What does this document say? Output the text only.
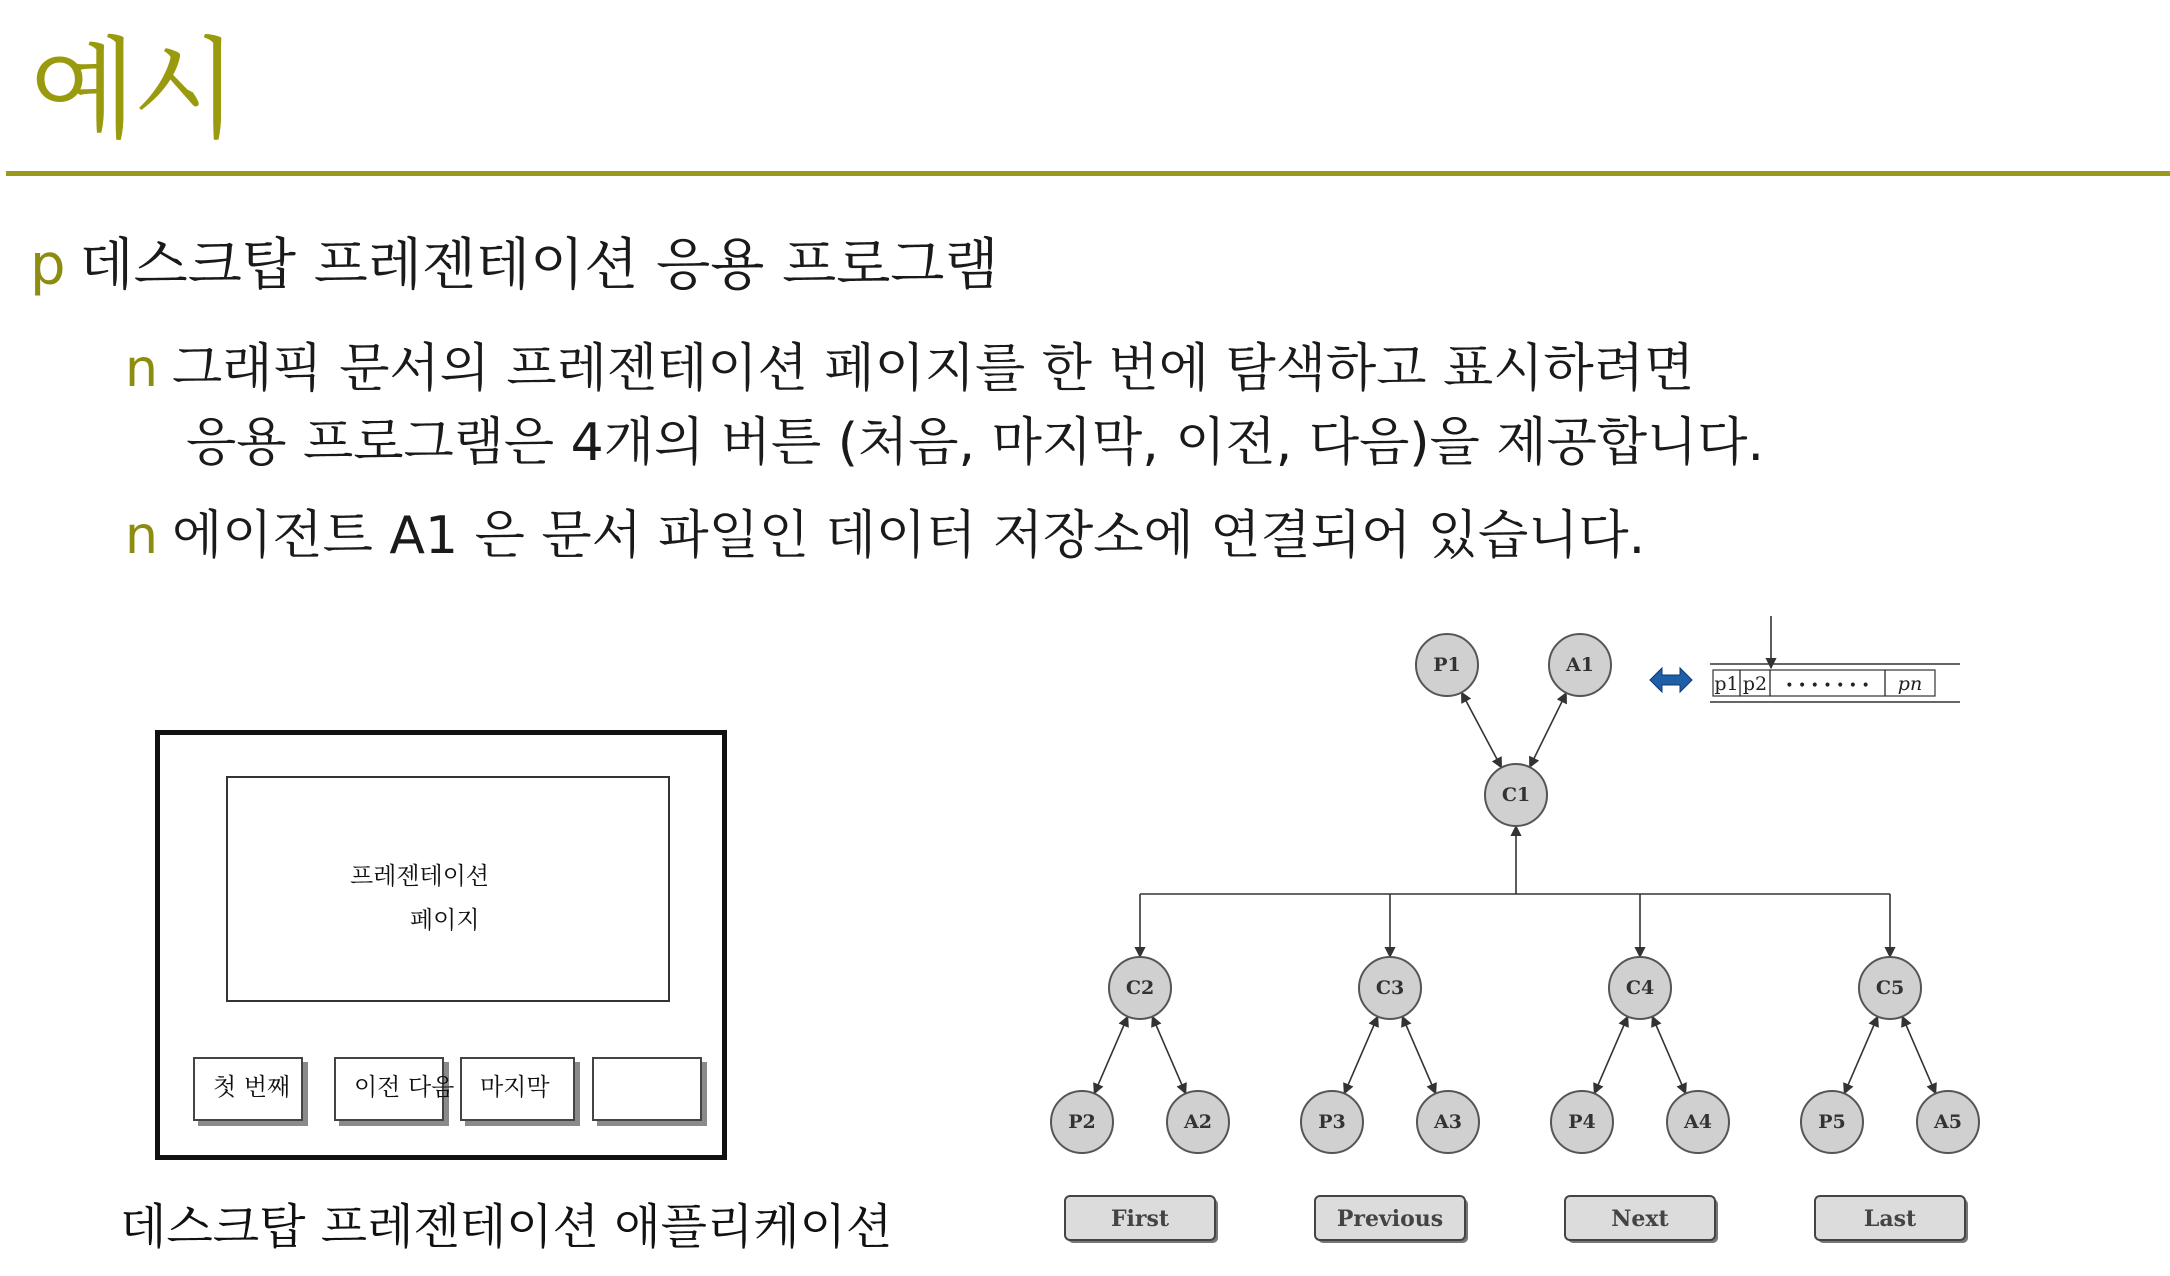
예시
p 데스크탑 프레젠테이션 응용 프로그램
n 그래픽 문서의 프레젠테이션 페이지를 한 번에 탐색하고 표시하려면
응용 프로그램은 4개의 버튼 (처음, 마지막, 이전, 다음)을 제공합니다.
n 에이전트 A1 은 문서 파일인 데이터 저장소에 연결되어 있습니다.
프레젠테이션
페이지
첫 번째	이전 다음	마지막
데스크탑 프레젠테이션 애플리케이션
P2	A2	P3	A3	P4	A4	P5	A5
P1	A1
C1
C2	C3	C4	C5
p1 p2 • • • • • • • pn
First	Previous	Next	Last
